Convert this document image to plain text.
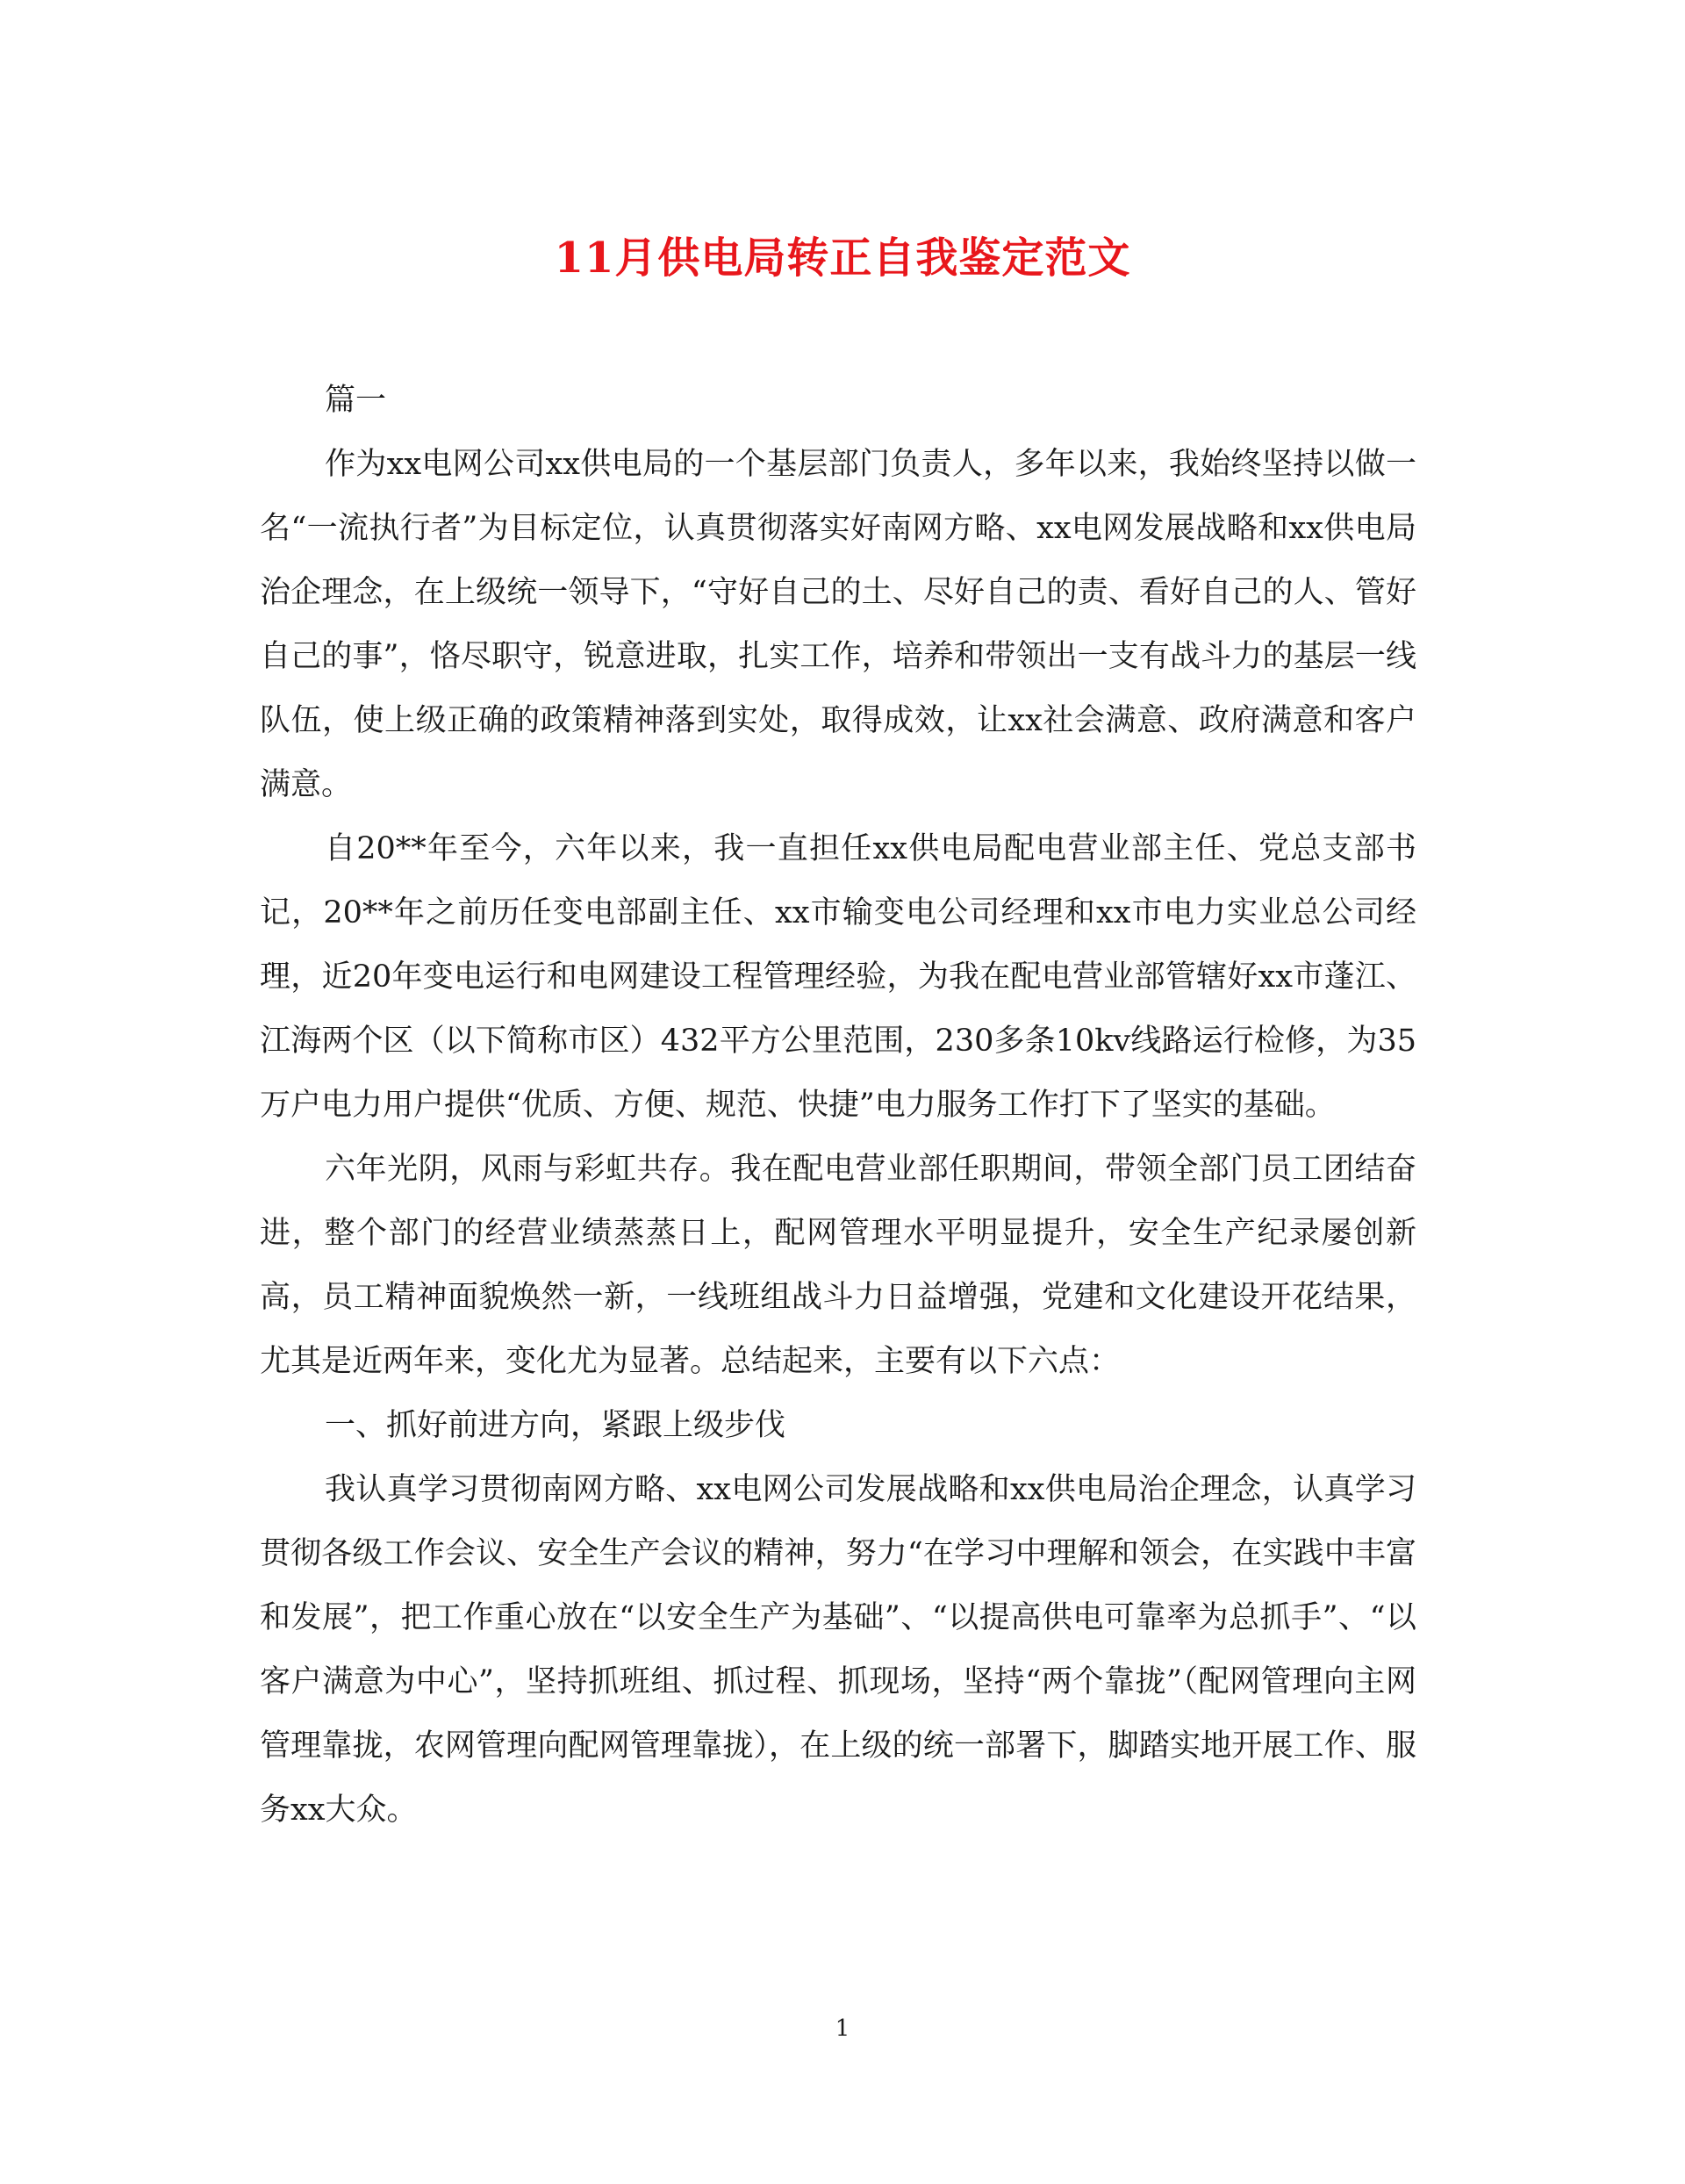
11月供电局转正自我鉴定范文

篇一

作为xx电网公司xx供电局的一个基层部门负责人，多年以来，我始终坚持以做一名“一流执行者”为目标定位，认真贯彻落实好南网方略、xx电网发展战略和xx供电局治企理念，在上级统一领导下，“守好自己的土、尽好自己的责、看好自己的人、管好自己的事”，恪尽职守，锐意进取，扎实工作，培养和带领出一支有战斗力的基层一线队伍，使上级正确的政策精神落到实处，取得成效，让xx社会满意、政府满意和客户满意。

自20**年至今，六年以来，我一直担任xx供电局配电营业部主任、党总支部书记，20**年之前历任变电部副主任、xx市输变电公司经理和xx市电力实业总公司经理，近20年变电运行和电网建设工程管理经验，为我在配电营业部管辖好xx市蓬江、江海两个区（以下简称市区）432平方公里范围，230多条10kv线路运行检修，为35万户电力用户提供“优质、方便、规范、快捷”电力服务工作打下了坚实的基础。

六年光阴，风雨与彩虹共存。我在配电营业部任职期间，带领全部门员工团结奋进，整个部门的经营业绩蒸蒸日上，配网管理水平明显提升，安全生产纪录屡创新高，员工精神面貌焕然一新，一线班组战斗力日益增强，党建和文化建设开花结果，尤其是近两年来，变化尤为显著。总结起来，主要有以下六点：

一、抓好前进方向，紧跟上级步伐

我认真学习贯彻南网方略、xx电网公司发展战略和xx供电局治企理念，认真学习贯彻各级工作会议、安全生产会议的精神，努力“在学习中理解和领会，在实践中丰富和发展”，把工作重心放在“以安全生产为基础”、“以提高供电可靠率为总抓手”、“以客户满意为中心”，坚持抓班组、抓过程、抓现场，坚持“两个靠拢”（配网管理向主网管理靠拢，农网管理向配网管理靠拢），在上级的统一部署下，脚踏实地开展工作、服务xx大众。

1
